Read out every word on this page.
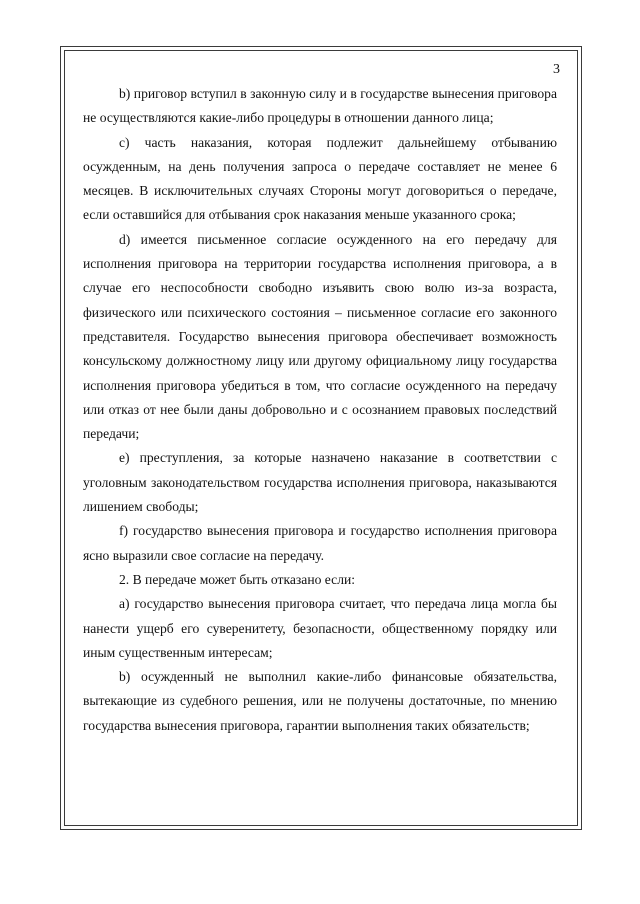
3

b) приговор вступил в законную силу и в государстве вынесения приговора не осуществляются какие-либо процедуры в отношении данного лица;

c) часть наказания, которая подлежит дальнейшему отбыванию осужденным, на день получения запроса о передаче составляет не менее 6 месяцев. В исключительных случаях Стороны могут договориться о передаче, если оставшийся для отбывания срок наказания меньше указанного срока;

d) имеется письменное согласие осужденного на его передачу для исполнения приговора на территории государства исполнения приговора, а в случае его неспособности свободно изъявить свою волю из-за возраста, физического или психического состояния – письменное согласие его законного представителя. Государство вынесения приговора обеспечивает возможность консульскому должностному лицу или другому официальному лицу государства исполнения приговора убедиться в том, что согласие осужденного на передачу или отказ от нее были даны добровольно и с осознанием правовых последствий передачи;

e) преступления, за которые назначено наказание в соответствии с уголовным законодательством государства исполнения приговора, наказываются лишением свободы;

f) государство вынесения приговора и государство исполнения приговора ясно выразили свое согласие на передачу.

2. В передаче может быть отказано если:

a) государство вынесения приговора считает, что передача лица могла бы нанести ущерб его суверенитету, безопасности, общественному порядку или иным существенным интересам;

b) осужденный не выполнил какие-либо финансовые обязательства, вытекающие из судебного решения, или не получены достаточные, по мнению государства вынесения приговора, гарантии выполнения таких обязательств;
